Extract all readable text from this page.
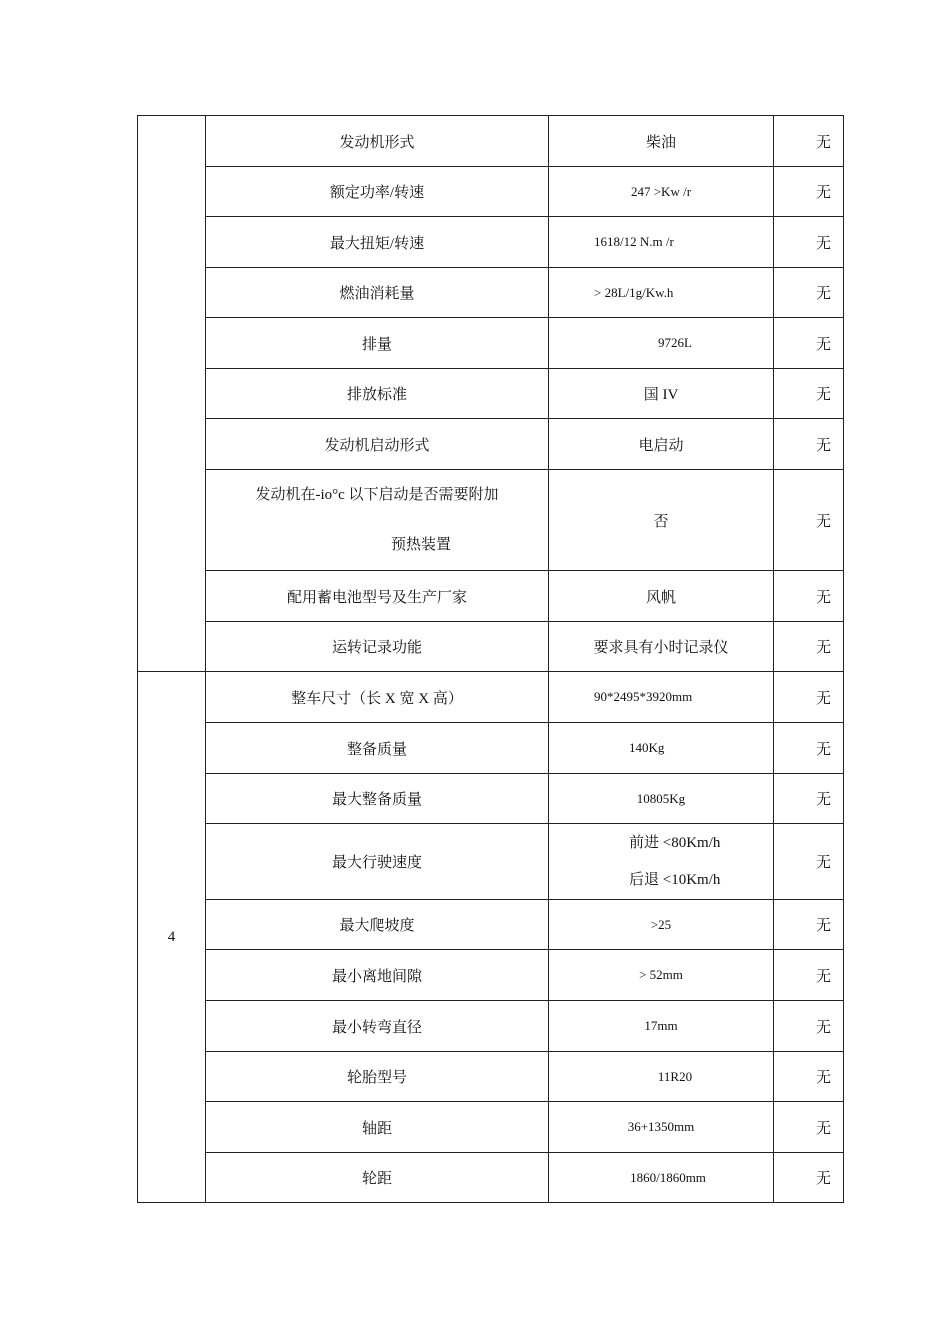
	发动机形式	柴油	无
	额定功率/转速	247 >Kw /r	无
	最大扭矩/转速	1618/12 N.m /r	无
	燃油消耗量	> 28L/1g/Kw.h	无
	排量	9726L	无
	排放标准	国 IV	无
	发动机启动形式	电启动	无

	发动机在-io°c 以下启动是否需要附加
预热装置	否	无
	配用蓄电池型号及生产厂家	风帆	无
	运转记录功能	要求具有小时记录仪	无
4	整车尺寸（长 X 宽 X 高）	90*2495*3920mm	无
	整备质量	140Kg	无
	最大整备质量	10805Kg	无
	最大行驶速度	前进 <80Km/h
后退 <10Km/h	无
	最大爬坡度	>25	无
	最小离地间隙	> 52mm	无
	最小转弯直径	17mm	无
	轮胎型号	11R20	无
	轴距	36+1350mm	无
	轮距	1860/1860mm	无
